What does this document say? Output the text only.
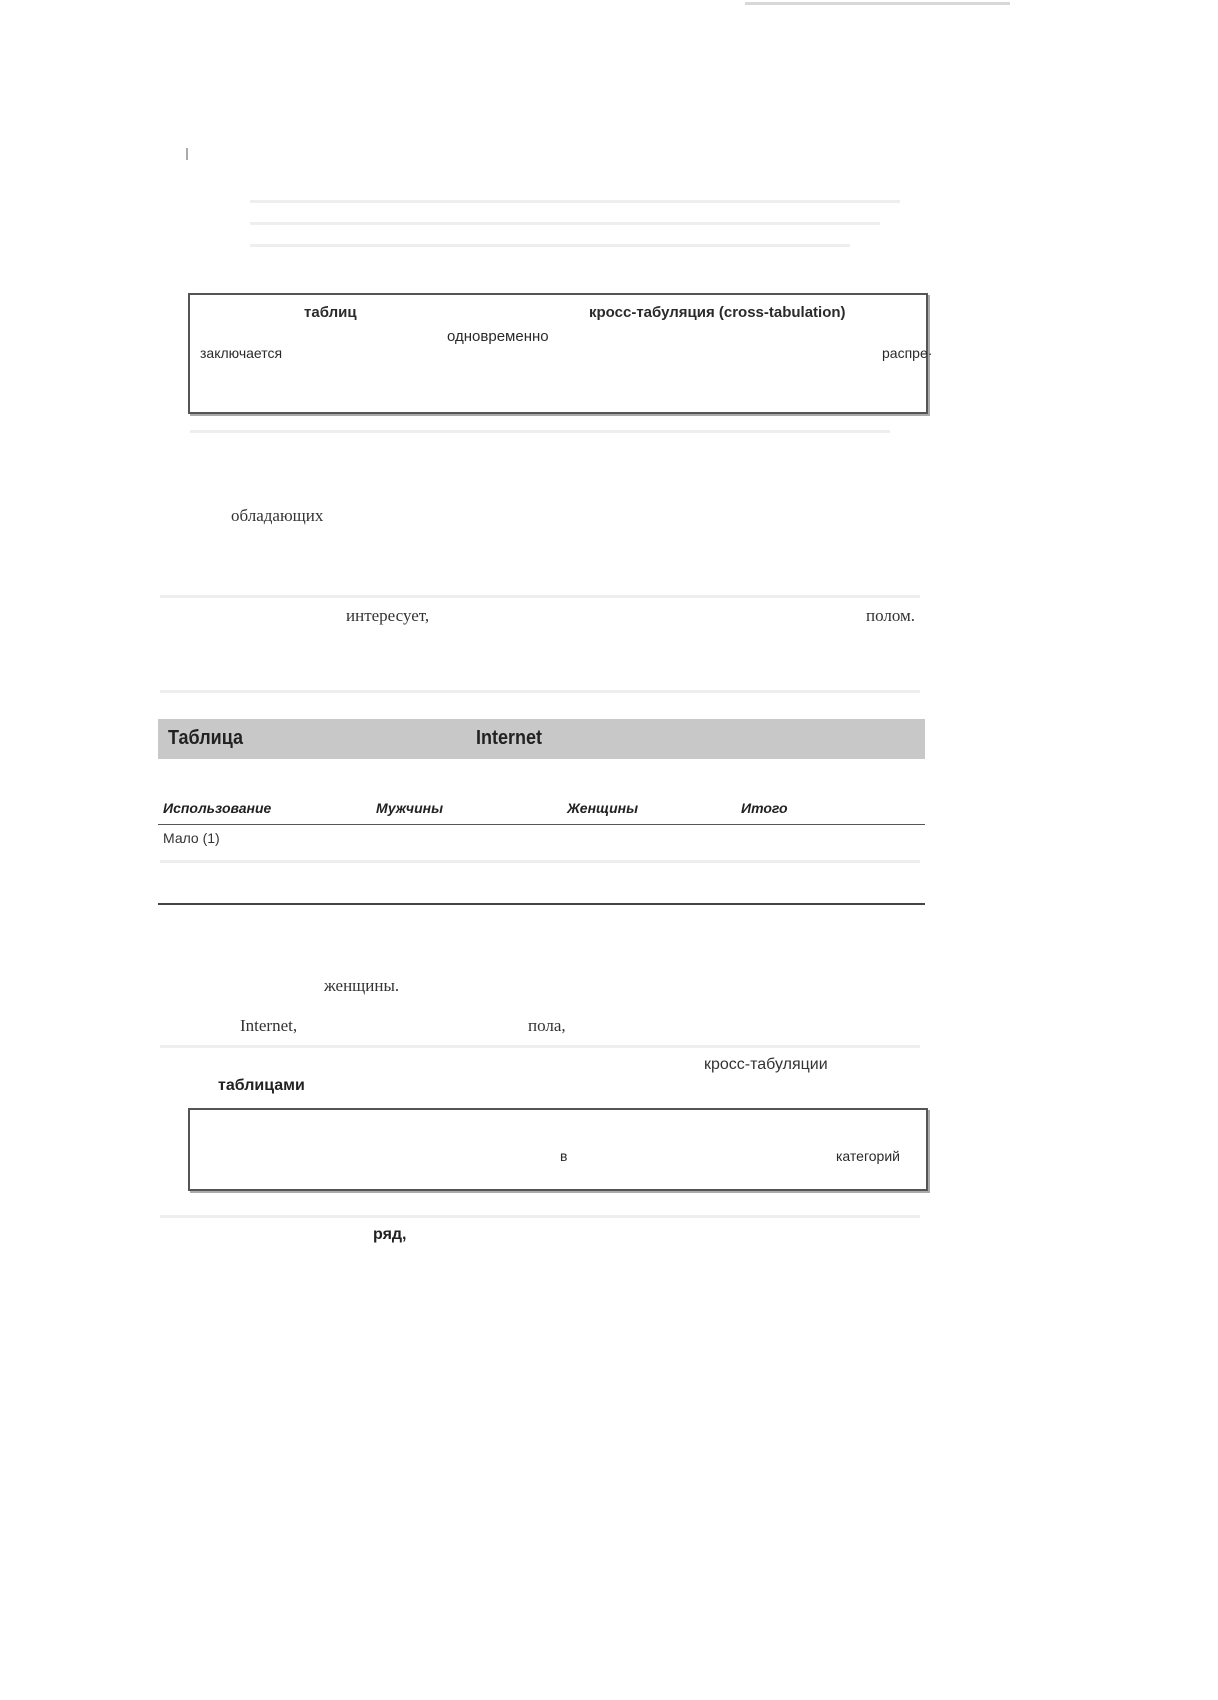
таблиц	кросс-табуляция (cross-tabulation)
одновременно
заключается	распре·
обладающих
интересует,	полом.
Таблица	Internet
Использование	Мужчины	Женщины	Итого
Мало (1)
женщины.
Internet,	пола,
кросс-табуляции
таблицами
в	категорий
ряд,
